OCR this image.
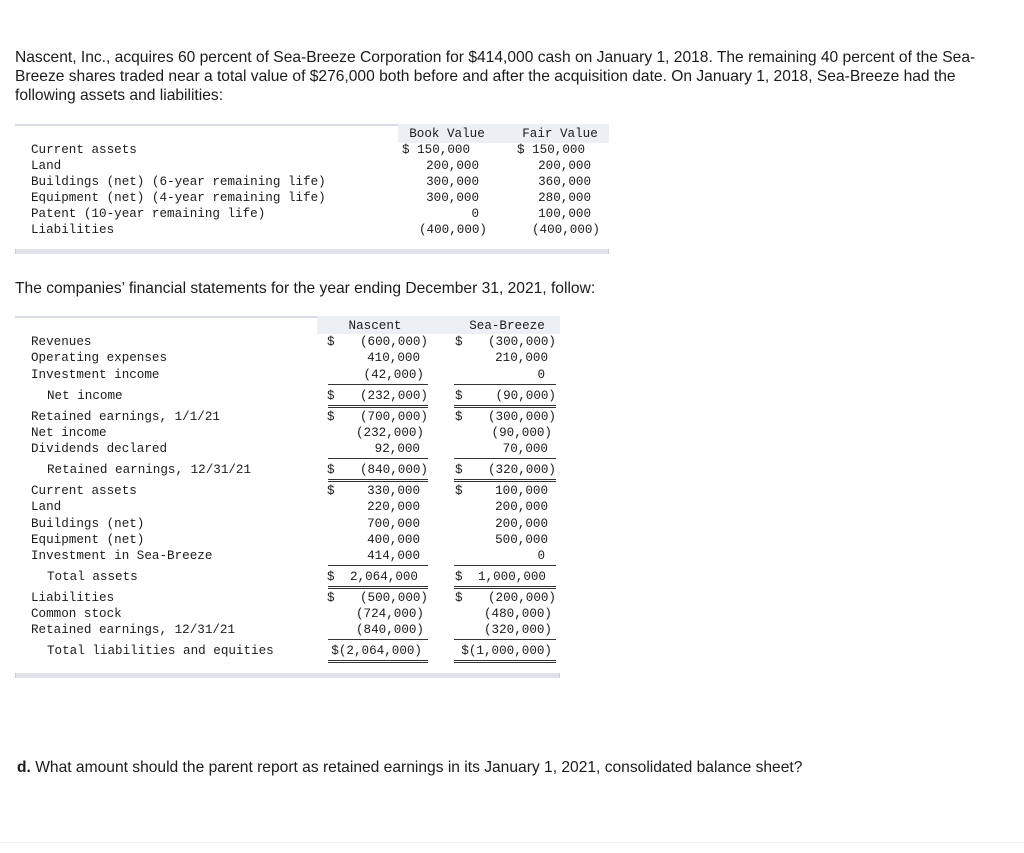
Nascent, Inc., acquires 60 percent of Sea-Breeze Corporation for $414,000 cash on January 1, 2018. The remaining 40 percent of the Sea-Breeze shares traded near a total value of $276,000 both before and after the acquisition date. On January 1, 2018, Sea-Breeze had the following assets and liabilities:

Book Value	Fair Value
Current assets	$ 150,000	$ 150,000
Land	200,000	200,000
Buildings (net) (6-year remaining life)	300,000	360,000
Equipment (net) (4-year remaining life)	300,000	280,000
Patent (10-year remaining life)	0	100,000
Liabilities	(400,000)	(400,000)

The companies’ financial statements for the year ending December 31, 2021, follow:

Nascent	Sea-Breeze
Revenues	$	(600,000) $	(300,000)
Operating expenses	410,000	210,000
Investment income	(42,000)	0
Net income	$	(232,000) $	(90,000)
Retained earnings, 1/1/21	$	(700,000) $	(300,000)
Net income	(232,000)	(90,000)
Dividends declared	92,000	70,000
Retained earnings, 12/31/21	$	(840,000) $	(320,000)
Current assets	$	330,000	$	100,000
Land	220,000	200,000
Buildings (net)	700,000	200,000
Equipment (net)	400,000	500,000
Investment in Sea-Breeze	414,000	0
Total assets	$	2,064,000	$	1,000,000
Liabilities	$	(500,000) $	(200,000)
Common stock	(724,000)	(480,000)
Retained earnings, 12/31/21	(840,000)	(320,000)
Total liabilities and equities	$(2,064,000)	$(1,000,000)

d. What amount should the parent report as retained earnings in its January 1, 2021, consolidated balance sheet?
